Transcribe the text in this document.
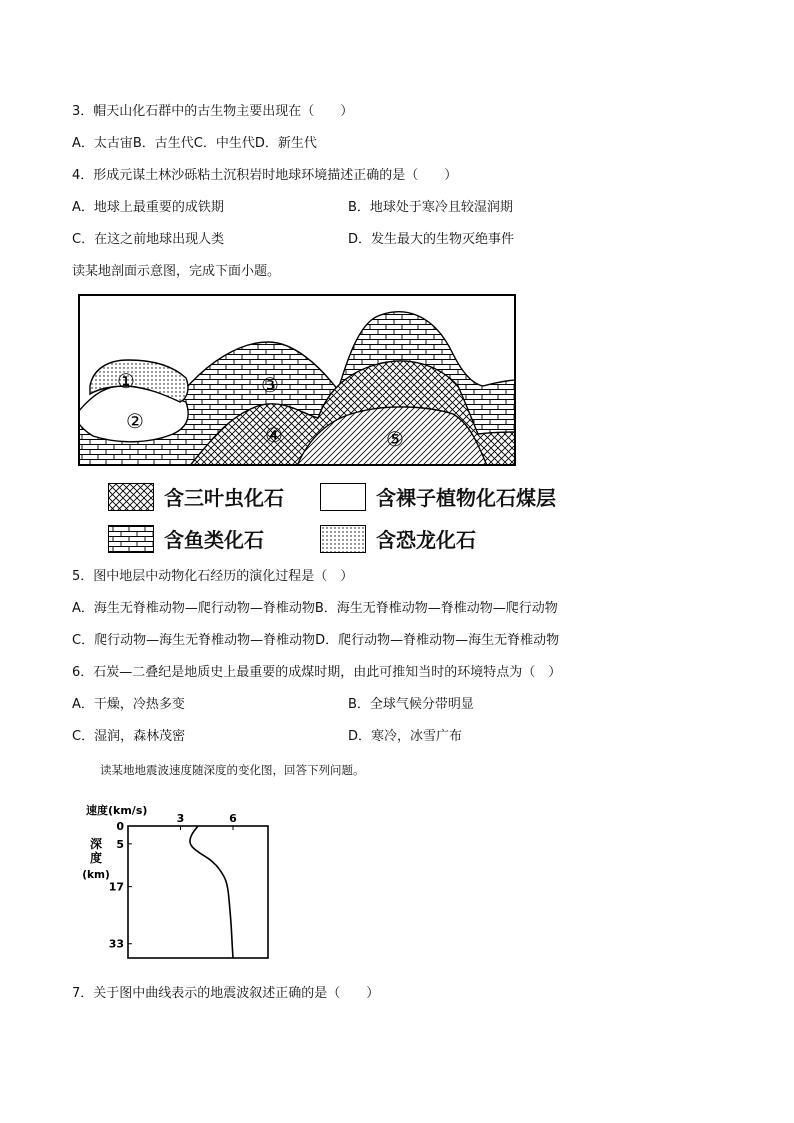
3．帽天山化石群中的古生物主要出现在（　　）
A．太古宙B．古生代C．中生代D．新生代
4．形成元谋土林沙砾粘土沉积岩时地球环境描述正确的是（　　）
A．地球上最重要的成铁期	B．地球处于寒冷且较湿润期
C．在这之前地球出现人类	D．发生最大的生物灭绝事件
读某地剖面示意图，完成下面小题。
①
②
③
④	⑤
含三叶虫化石	含裸子植物化石煤层
含鱼类化石	含恐龙化石
5．图中地层中动物化石经历的演化过程是（　）
A．海生无脊椎动物—爬行动物—脊椎动物B．海生无脊椎动物—脊椎动物—爬行动物
C．爬行动物—海生无脊椎动物—脊椎动物D．爬行动物—脊椎动物—海生无脊椎动物
6．石炭—二叠纪是地质史上最重要的成煤时期，由此可推知当时的环境特点为（　）
A．干燥，冷热多变	B．全球气候分带明显
C．湿润，森林茂密	D．寒冷，冰雪广布
读某地地震波速度随深度的变化图，回答下列问题。
3	6
0
5
17
33
速度(km/s)
深
度
(km)
7．关于图中曲线表示的地震波叙述正确的是（　　）
